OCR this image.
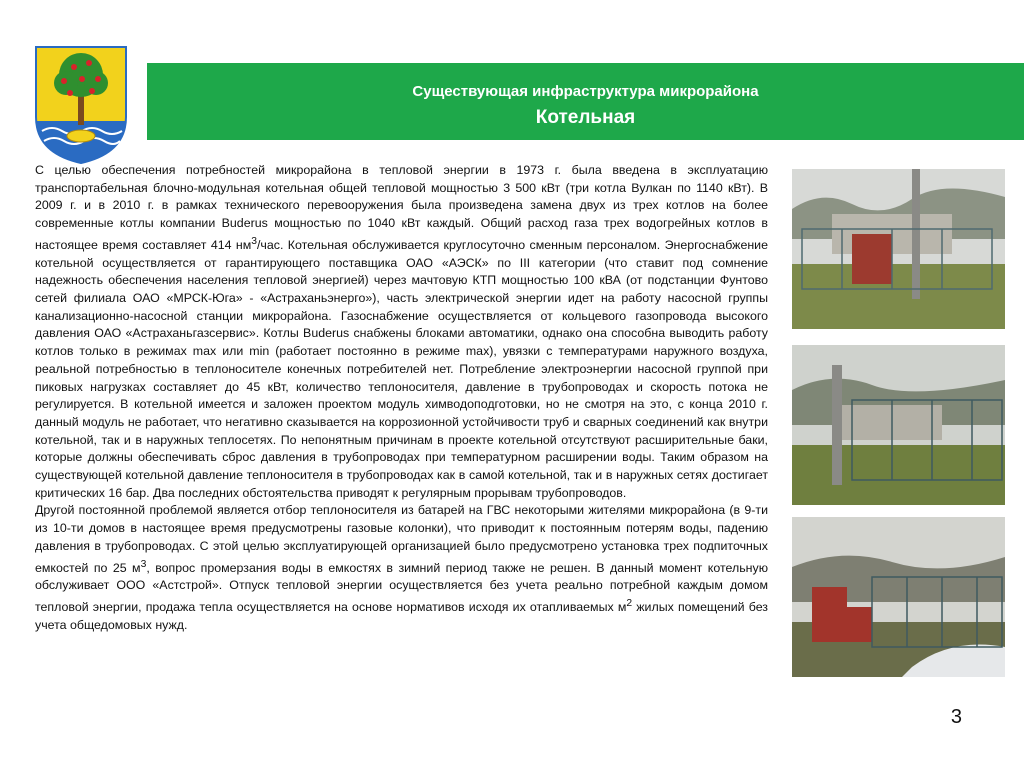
Существующая инфраструктура микрорайона
Котельная

С целью обеспечения потребностей микрорайона в тепловой энергии в 1973 г. была введена в эксплуатацию транспортабельная блочно-модульная котельная общей тепловой мощностью 3 500 кВт (три котла Вулкан по 1140 кВт). В 2009 г. и в 2010 г. в рамках технического перевооружения была произведена замена двух из трех котлов на более современные котлы компании Buderus мощностью по 1040 кВт каждый. Общий расход газа трех водогрейных котлов в настоящее время составляет 414 $нм^3$/час. Котельная обслуживается круглосуточно сменным персоналом. Энергоснабжение котельной осуществляется от гарантирующего поставщика ОАО «АЭСК» по III категории (что ставит под сомнение надежность обеспечения населения тепловой энергией) через мачтовую КТП мощностью 100 кВА (от подстанции Фунтово сетей филиала ОАО «МРСК-Юга» - «Астраханьэнерго»), часть электрической энергии идет на работу насосной группы канализационно-насосной станции микрорайона. Газоснабжение осуществляется от кольцевого газопровода высокого давления ОАО «Астраханьгазсервис». Котлы Buderus снабжены блоками автоматики, однако она способна выводить работу котлов только в режимах max или min (работает постоянно в режиме max), увязки с температурами наружного воздуха, реальной потребностью в теплоносителе конечных потребителей нет. Потребление электроэнергии насосной группой при пиковых нагрузках составляет до 45 кВт, количество теплоносителя, давление в трубопроводах и скорость потока не регулируется. В котельной имеется и заложен проектом модуль химводоподготовки, но не смотря на это, с конца 2010 г. данный модуль не работает, что негативно сказывается на коррозионной устойчивости труб и сварных соединений как внутри котельной, так и в наружных теплосетях. По непонятным причинам в проекте котельной отсутствуют расширительные баки, которые должны обеспечивать сброс давления в трубопроводах при температурном расширении воды. Таким образом на существующей котельной давление теплоносителя в трубопроводах как в самой котельной, так и в наружных сетях достигает критических 16 бар. Два последних обстоятельства приводят к регулярным прорывам трубопроводов.

Другой постоянной проблемой является отбор теплоносителя из батарей на ГВС некоторыми жителями микрорайона (в 9-ти из 10-ти домов в настоящее время предусмотрены газовые колонки), что приводит к постоянным потерям воды, падению давления в трубопроводах. С этой целью эксплуатирующей организацией было предусмотрено установка трех подпиточных емкостей по 25 $м^3$, вопрос промерзания воды в емкостях в зимний период также не решен. В данный момент котельную обслуживает ООО «Астстрой». Отпуск тепловой энергии осуществляется без учета реально потребной каждым домом тепловой энергии, продажа тепла осуществляется на основе нормативов исходя их отапливаемых $м^2$ жилых помещений без учета общедомовых нужд.

3
